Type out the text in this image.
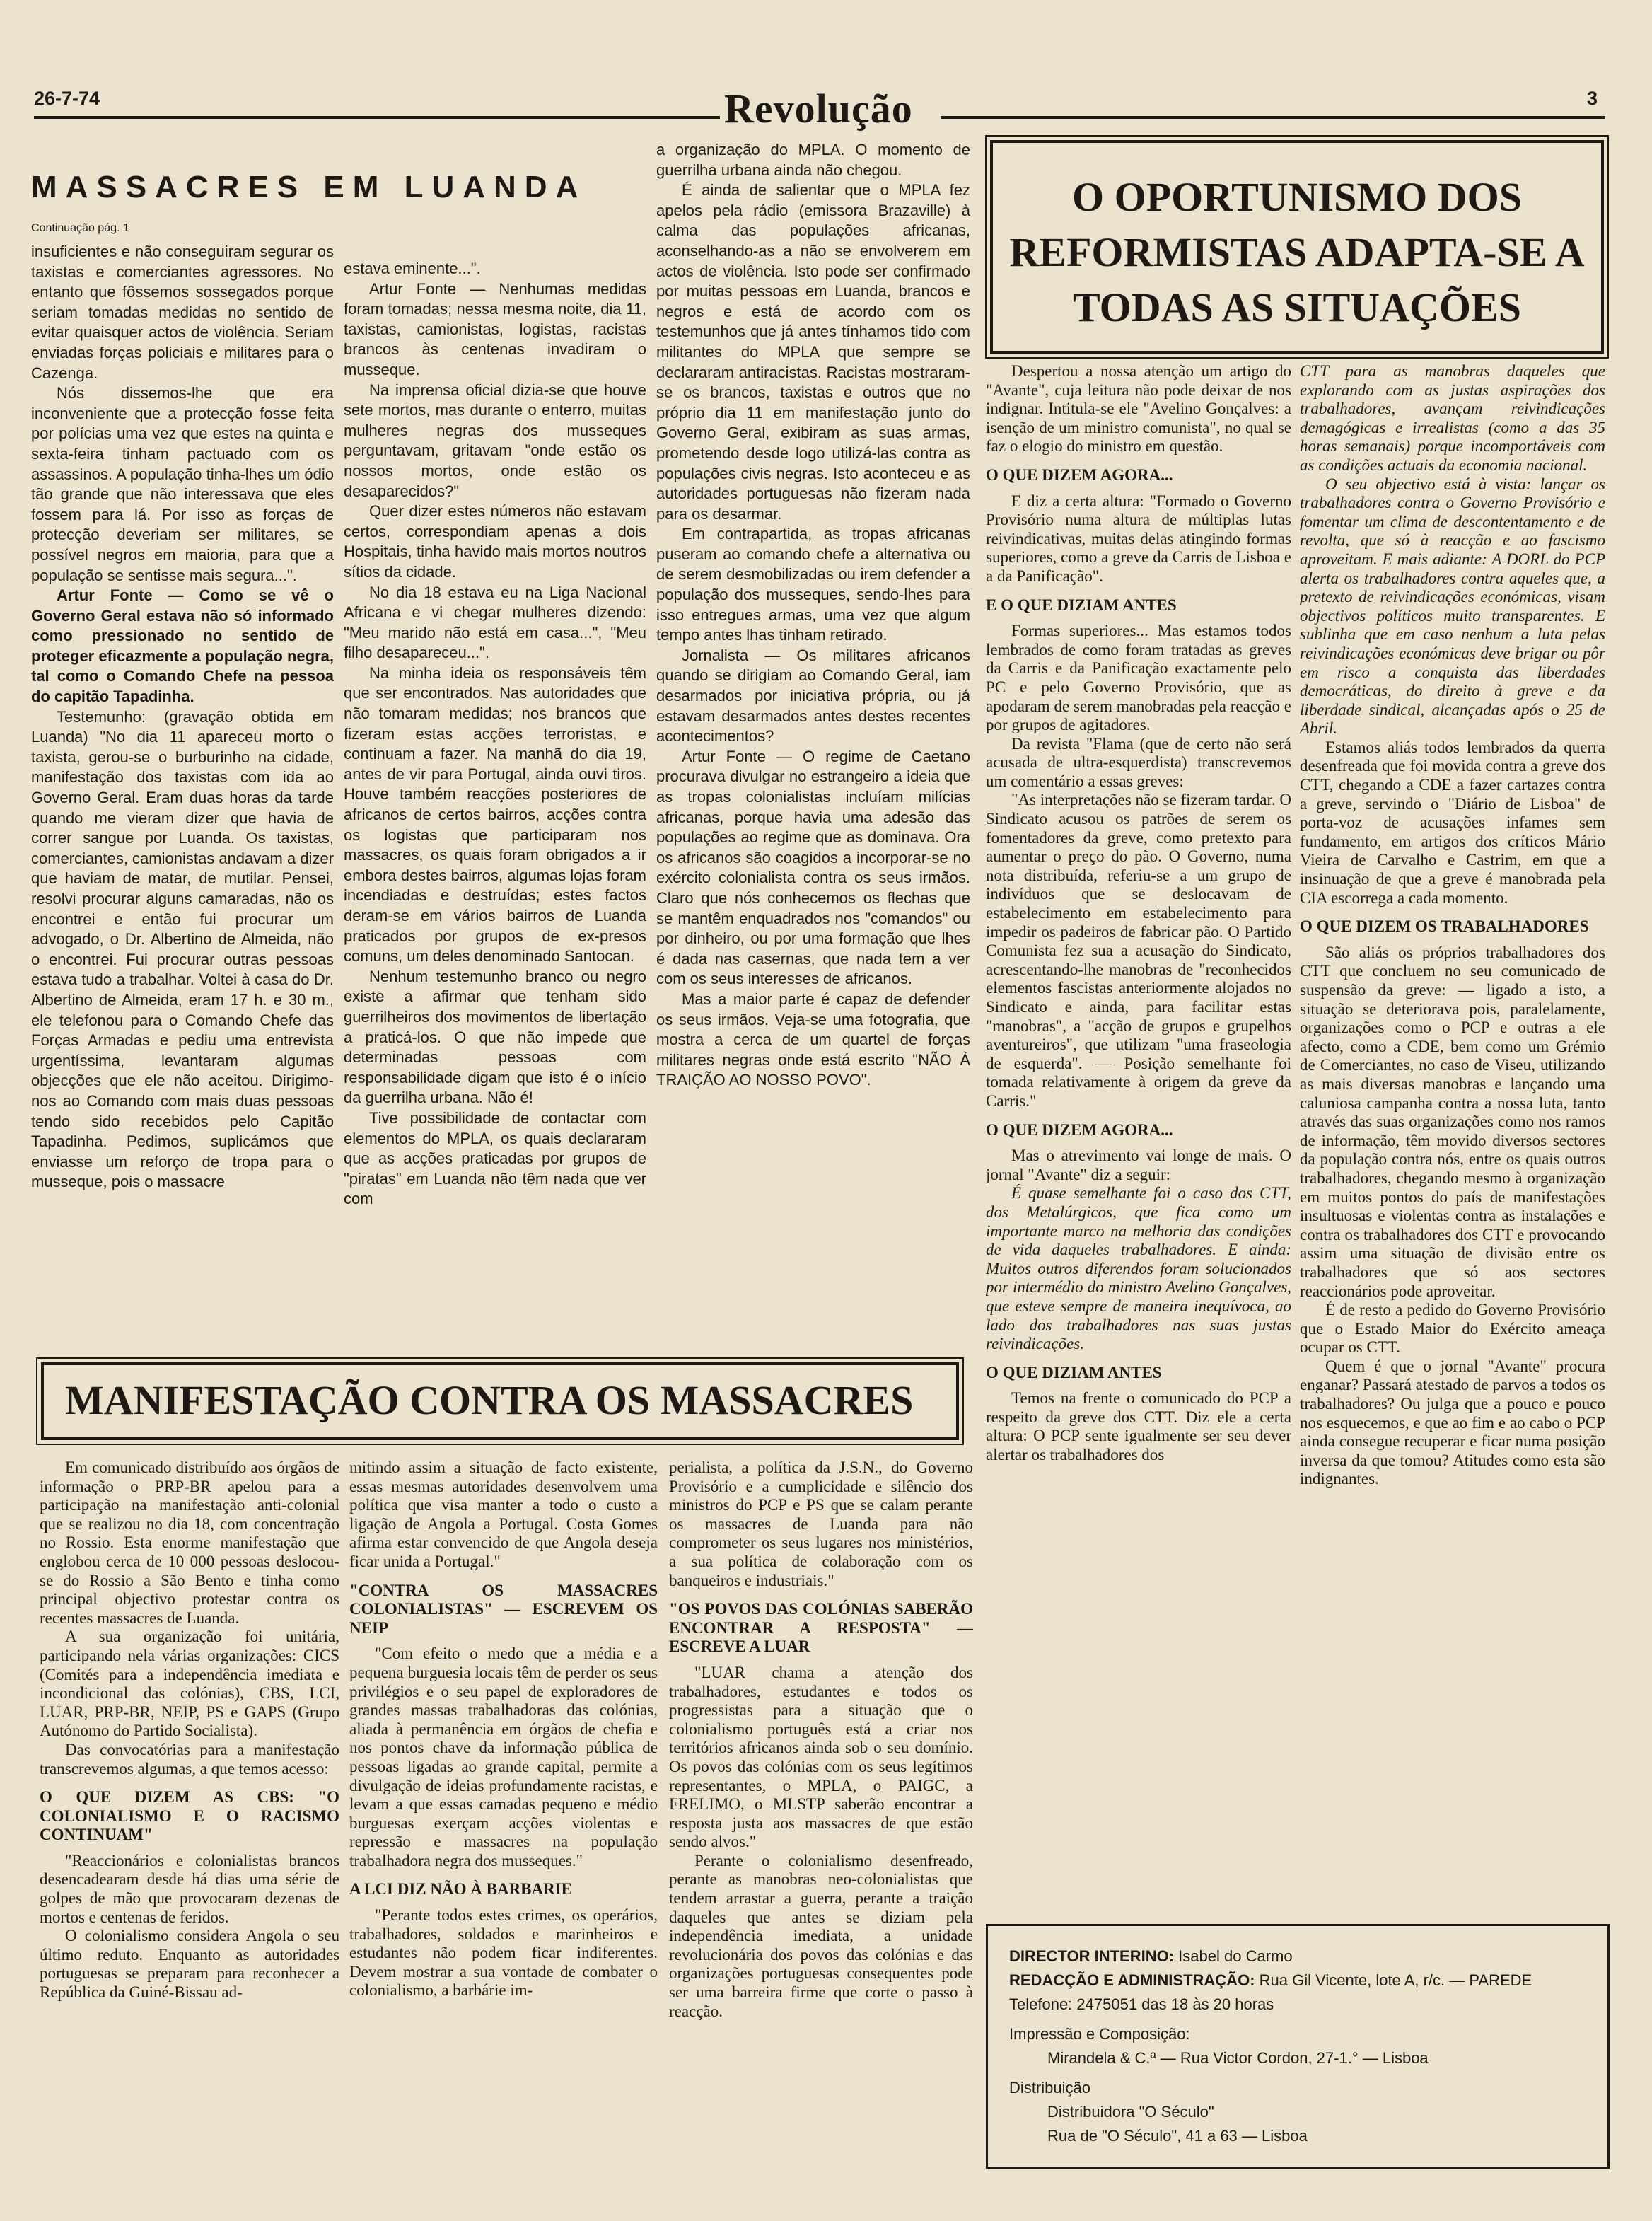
26-7-74	Revolução	3
MASSACRES EM LUANDA
Continuação pág. 1

insuficientes e não conseguiram segurar os taxistas e comerciantes agressores. No entanto que fôssemos sossegados porque seriam tomadas medidas no sentido de evitar quaisquer actos de violência. Seriam enviadas forças policiais e militares para o Cazenga.

Nós dissemos-lhe que era inconveniente que a protecção fosse feita por polícias uma vez que estes na quinta e sexta-feira tinham pactuado com os assassinos. A população tinha-lhes um ódio tão grande que não interessava que eles fossem para lá. Por isso as forças de protecção deveriam ser militares, se possível negros em maioria, para que a população se sentisse mais segura...".

Artur Fonte — Como se vê o Governo Geral estava não só informado como pressionado no sentido de proteger eficazmente a população negra, tal como o Comando Chefe na pessoa do capitão Tapadinha.

Testemunho: (gravação obtida em Luanda) "No dia 11 apareceu morto o taxista, gerou-se o burburinho na cidade, manifestação dos taxistas com ida ao Governo Geral. Eram duas horas da tarde quando me vieram dizer que havia de correr sangue por Luanda. Os taxistas, comerciantes, camionistas andavam a dizer que haviam de matar, de mutilar. Pensei, resolvi procurar alguns camaradas, não os encontrei e então fui procurar um advogado, o Dr. Albertino de Almeida, não o encontrei. Fui procurar outras pessoas estava tudo a trabalhar. Voltei à casa do Dr. Albertino de Almeida, eram 17 h. e 30 m., ele telefonou para o Comando Chefe das Forças Armadas e pediu uma entrevista urgentíssima, levantaram algumas objecções que ele não aceitou. Dirigimo-nos ao Comando com mais duas pessoas tendo sido recebidos pelo Capitão Tapadinha. Pedimos, suplicámos que enviasse um reforço de tropa para o musseque, pois o massacre

estava eminente...".

Artur Fonte — Nenhumas medidas foram tomadas; nessa mesma noite, dia 11, taxistas, camionistas, logistas, racistas brancos às centenas invadiram o musseque.

Na imprensa oficial dizia-se que houve sete mortos, mas durante o enterro, muitas mulheres negras dos musseques perguntavam, gritavam "onde estão os nossos mortos, onde estão os desaparecidos?"

Quer dizer estes números não estavam certos, correspondiam apenas a dois Hospitais, tinha havido mais mortos noutros sítios da cidade.

No dia 18 estava eu na Liga Nacional Africana e vi chegar mulheres dizendo: "Meu marido não está em casa...", "Meu filho desapareceu...".

Na minha ideia os responsáveis têm que ser encontrados. Nas autoridades que não tomaram medidas; nos brancos que fizeram estas acções terroristas, e continuam a fazer. Na manhã do dia 19, antes de vir para Portugal, ainda ouvi tiros. Houve também reacções posteriores de africanos de certos bairros, acções contra os logistas que participaram nos massacres, os quais foram obrigados a ir embora destes bairros, algumas lojas foram incendiadas e destruídas; estes factos deram-se em vários bairros de Luanda praticados por grupos de ex-presos comuns, um deles denominado Santocan.

Nenhum testemunho branco ou negro existe a afirmar que tenham sido guerrilheiros dos movimentos de libertação a praticá-los. O que não impede que determinadas pessoas com responsabilidade digam que isto é o início da guerrilha urbana. Não é!

Tive possibilidade de contactar com elementos do MPLA, os quais declararam que as acções praticadas por grupos de "piratas" em Luanda não têm nada que ver com

a organização do MPLA. O momento de guerrilha urbana ainda não chegou.

É ainda de salientar que o MPLA fez apelos pela rádio (emissora Brazaville) à calma das populações africanas, aconselhando-as a não se envolverem em actos de violência. Isto pode ser confirmado por muitas pessoas em Luanda, brancos e negros e está de acordo com os testemunhos que já antes tínhamos tido com militantes do MPLA que sempre se declararam antiracistas. Racistas mostraram-se os brancos, taxistas e outros que no próprio dia 11 em manifestação junto do Governo Geral, exibiram as suas armas, prometendo desde logo utilizá-las contra as populações civis negras. Isto aconteceu e as autoridades portuguesas não fizeram nada para os desarmar.

Em contrapartida, as tropas africanas puseram ao comando chefe a alternativa ou de serem desmobilizadas ou irem defender a população dos musseques, sendo-lhes para isso entregues armas, uma vez que algum tempo antes lhas tinham retirado.

Jornalista — Os militares africanos quando se dirigiam ao Comando Geral, iam desarmados por iniciativa própria, ou já estavam desarmados antes destes recentes acontecimentos?

Artur Fonte — O regime de Caetano procurava divulgar no estrangeiro a ideia que as tropas colonialistas incluíam milícias africanas, porque havia uma adesão das populações ao regime que as dominava. Ora os africanos são coagidos a incorporar-se no exército colonialista contra os seus irmãos. Claro que nós conhecemos os flechas que se mantêm enquadrados nos "comandos" ou por dinheiro, ou por uma formação que lhes é dada nas casernas, que nada tem a ver com os seus interesses de africanos.

Mas a maior parte é capaz de defender os seus irmãos. Veja-se uma fotografia, que mostra a cerca de um quartel de forças militares negras onde está escrito "NÃO À TRAIÇÃO AO NOSSO POVO".

O OPORTUNISMO DOS REFORMISTAS ADAPTA-SE A TODAS AS SITUAÇÕES

Despertou a nossa atenção um artigo do "Avante", cuja leitura não pode deixar de nos indignar. Intitula-se ele "Avelino Gonçalves: a isenção de um ministro comunista", no qual se faz o elogio do ministro em questão.

O QUE DIZEM AGORA...

E diz a certa altura: "Formado o Governo Provisório numa altura de múltiplas lutas reivindicativas, muitas delas atingindo formas superiores, como a greve da Carris de Lisboa e a da Panificação".

E O QUE DIZIAM ANTES

Formas superiores... Mas estamos todos lembrados de como foram tratadas as greves da Carris e da Panificação exactamente pelo PC e pelo Governo Provisório, que as apodaram de serem manobradas pela reacção e por grupos de agitadores.

Da revista "Flama (que de certo não será acusada de ultra-esquerdista) transcrevemos um comentário a essas greves:

"As interpretações não se fizeram tardar. O Sindicato acusou os patrões de serem os fomentadores da greve, como pretexto para aumentar o preço do pão. O Governo, numa nota distribuída, referiu-se a um grupo de indivíduos que se deslocavam de estabelecimento em estabelecimento para impedir os padeiros de fabricar pão. O Partido Comunista fez sua a acusação do Sindicato, acrescentando-lhe manobras de "reconhecidos elementos fascistas anteriormente alojados no Sindicato e ainda, para facilitar estas "manobras", a "acção de grupos e grupelhos aventureiros", que utilizam "uma fraseologia de esquerda". — Posição semelhante foi tomada relativamente à origem da greve da Carris."

O QUE DIZEM AGORA...

Mas o atrevimento vai longe de mais. O jornal "Avante" diz a seguir:

É quase semelhante foi o caso dos CTT, dos Metalúrgicos, que fica como um importante marco na melhoria das condições de vida daqueles trabalhadores. E ainda: Muitos outros diferendos foram solucionados por intermédio do ministro Avelino Gonçalves, que esteve sempre de maneira inequívoca, ao lado dos trabalhadores nas suas justas reivindicações.

O QUE DIZIAM ANTES

Temos na frente o comunicado do PCP a respeito da greve dos CTT. Diz ele a certa altura: O PCP sente igualmente ser seu dever alertar os trabalhadores dos

CTT para as manobras daqueles que explorando com as justas aspirações dos trabalhadores, avançam reivindicações demagógicas e irrealistas (como a das 35 horas semanais) porque incomportáveis com as condições actuais da economia nacional.

O seu objectivo está à vista: lançar os trabalhadores contra o Governo Provisório e fomentar um clima de descontentamento e de revolta, que só à reacção e ao fascismo aproveitam. E mais adiante: A DORL do PCP alerta os trabalhadores contra aqueles que, a pretexto de reivindicações económicas, visam objectivos políticos muito transparentes. E sublinha que em caso nenhum a luta pelas reivindicações económicas deve brigar ou pôr em risco a conquista das liberdades democráticas, do direito à greve e da liberdade sindical, alcançadas após o 25 de Abril.

Estamos aliás todos lembrados da querra desenfreada que foi movida contra a greve dos CTT, chegando a CDE a fazer cartazes contra a greve, servindo o "Diário de Lisboa" de porta-voz de acusações infames sem fundamento, em artigos dos críticos Mário Vieira de Carvalho e Castrim, em que a insinuação de que a greve é manobrada pela CIA escorrega a cada momento.

O QUE DIZEM OS TRABALHADORES

São aliás os próprios trabalhadores dos CTT que concluem no seu comunicado de suspensão da greve: — ligado a isto, a situação se deteriorava pois, paralelamente, organizações como o PCP e outras a ele afecto, como a CDE, bem como um Grémio de Comerciantes, no caso de Viseu, utilizando as mais diversas manobras e lançando uma caluniosa campanha contra a nossa luta, tanto através das suas organizações como nos ramos de informação, têm movido diversos sectores da população contra nós, entre os quais outros trabalhadores, chegando mesmo à organização em muitos pontos do país de manifestações insultuosas e violentas contra as instalações e contra os trabalhadores dos CTT e provocando assim uma situação de divisão entre os trabalhadores que só aos sectores reaccionários pode aproveitar.

É de resto a pedido do Governo Provisório que o Estado Maior do Exército ameaça ocupar os CTT.

Quem é que o jornal "Avante" procura enganar? Passará atestado de parvos a todos os trabalhadores? Ou julga que a pouco e pouco nos esquecemos, e que ao fim e ao cabo o PCP ainda consegue recuperar e ficar numa posição inversa da que tomou? Atitudes como esta são indignantes.

MANIFESTAÇÃO CONTRA OS MASSACRES

Em comunicado distribuído aos órgãos de informação o PRP-BR apelou para a participação na manifestação anti-colonial que se realizou no dia 18, com concentração no Rossio. Esta enorme manifestação que englobou cerca de 10 000 pessoas deslocou-se do Rossio a São Bento e tinha como principal objectivo protestar contra os recentes massacres de Luanda.

A sua organização foi unitária, participando nela várias organizações: CICS (Comités para a independência imediata e incondicional das colónias), CBS, LCI, LUAR, PRP-BR, NEIP, PS e GAPS (Grupo Autónomo do Partido Socialista).

Das convocatórias para a manifestação transcrevemos algumas, a que temos acesso:

O QUE DIZEM AS CBS: "O COLONIALISMO E O RACISMO CONTINUAM"

"Reaccionários e colonialistas brancos desencadearam desde há dias uma série de golpes de mão que provocaram dezenas de mortos e centenas de feridos.

O colonialismo considera Angola o seu último reduto. Enquanto as autoridades portuguesas se preparam para reconhecer a República da Guiné-Bissau ad-

mitindo assim a situação de facto existente, essas mesmas autoridades desenvolvem uma política que visa manter a todo o custo a ligação de Angola a Portugal. Costa Gomes afirma estar convencido de que Angola deseja ficar unida a Portugal."

"CONTRA OS MASSACRES COLONIALISTAS" — ESCREVEM OS NEIP

"Com efeito o medo que a média e a pequena burguesia locais têm de perder os seus privilégios e o seu papel de exploradores de grandes massas trabalhadoras das colónias, aliada à permanência em órgãos de chefia e nos pontos chave da informação pública de pessoas ligadas ao grande capital, permite a divulgação de ideias profundamente racistas, e levam a que essas camadas pequeno e médio burguesas exerçam acções violentas e repressão e massacres na população trabalhadora negra dos musseques."

A LCI DIZ NÃO À BARBARIE

"Perante todos estes crimes, os operários, trabalhadores, soldados e marinheiros e estudantes não podem ficar indiferentes. Devem mostrar a sua vontade de combater o colonialismo, a barbárie im-

perialista, a política da J.S.N., do Governo Provisório e a cumplicidade e silêncio dos ministros do PCP e PS que se calam perante os massacres de Luanda para não comprometer os seus lugares nos ministérios, a sua política de colaboração com os banqueiros e industriais."

"OS POVOS DAS COLÓNIAS SABERÃO ENCONTRAR A RESPOSTA" — ESCREVE A LUAR

"LUAR chama a atenção dos trabalhadores, estudantes e todos os progressistas para a situação que o colonialismo português está a criar nos territórios africanos ainda sob o seu domínio. Os povos das colónias com os seus legítimos representantes, o MPLA, o PAIGC, a FRELIMO, o MLSTP saberão encontrar a resposta justa aos massacres de que estão sendo alvos."

Perante o colonialismo desenfreado, perante as manobras neo-colonialistas que tendem arrastar a guerra, perante a traição daqueles que antes se diziam pela independência imediata, a unidade revolucionária dos povos das colónias e das organizações portuguesas consequentes pode ser uma barreira firme que corte o passo à reacção.

DIRECTOR INTERINO: Isabel do Carmo
REDACÇÃO E ADMINISTRAÇÃO: Rua Gil Vicente, lote A, r/c. — PAREDE
Telefone: 2475051 das 18 às 20 horas
Impressão e Composição:
Mirandela & C.ª — Rua Victor Cordon, 27-1.° — Lisboa
Distribuição
Distribuidora "O Século"
Rua de "O Século", 41 a 63 — Lisboa
